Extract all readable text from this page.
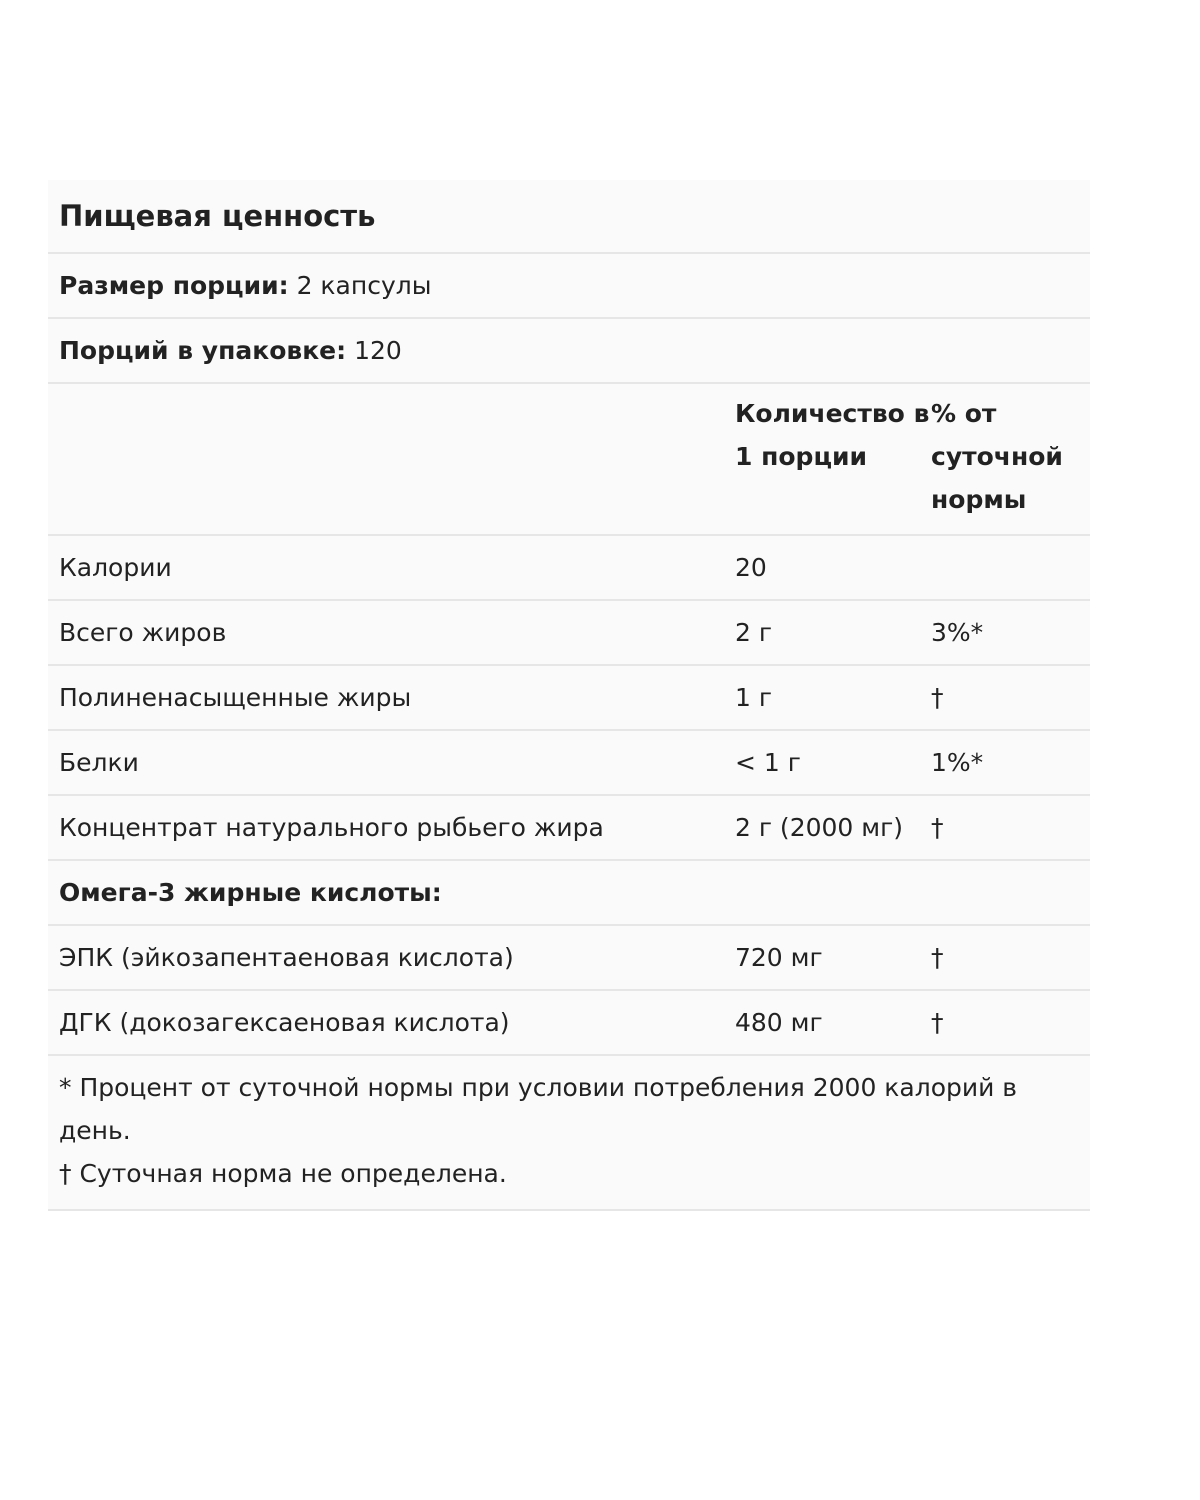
Пищевая ценность
Размер порции: 2 капсулы
Порций в упаковке: 120
Количество в 1 порции
% от суточной нормы
Калории	20
Всего жиров	2 г	3%*
Полиненасыщенные жиры	1 г	†
Белки	< 1 г	1%*
Концентрат натурального рыбьего жира	2 г (2000 мг)	†
Омега-3 жирные кислоты:
ЭПК (эйкозапентаеновая кислота)	720 мг	†
ДГК (докозагексаеновая кислота)	480 мг	†

* Процент от суточной нормы при условии потребления 2000 калорий в день.

† Суточная норма не определена.
